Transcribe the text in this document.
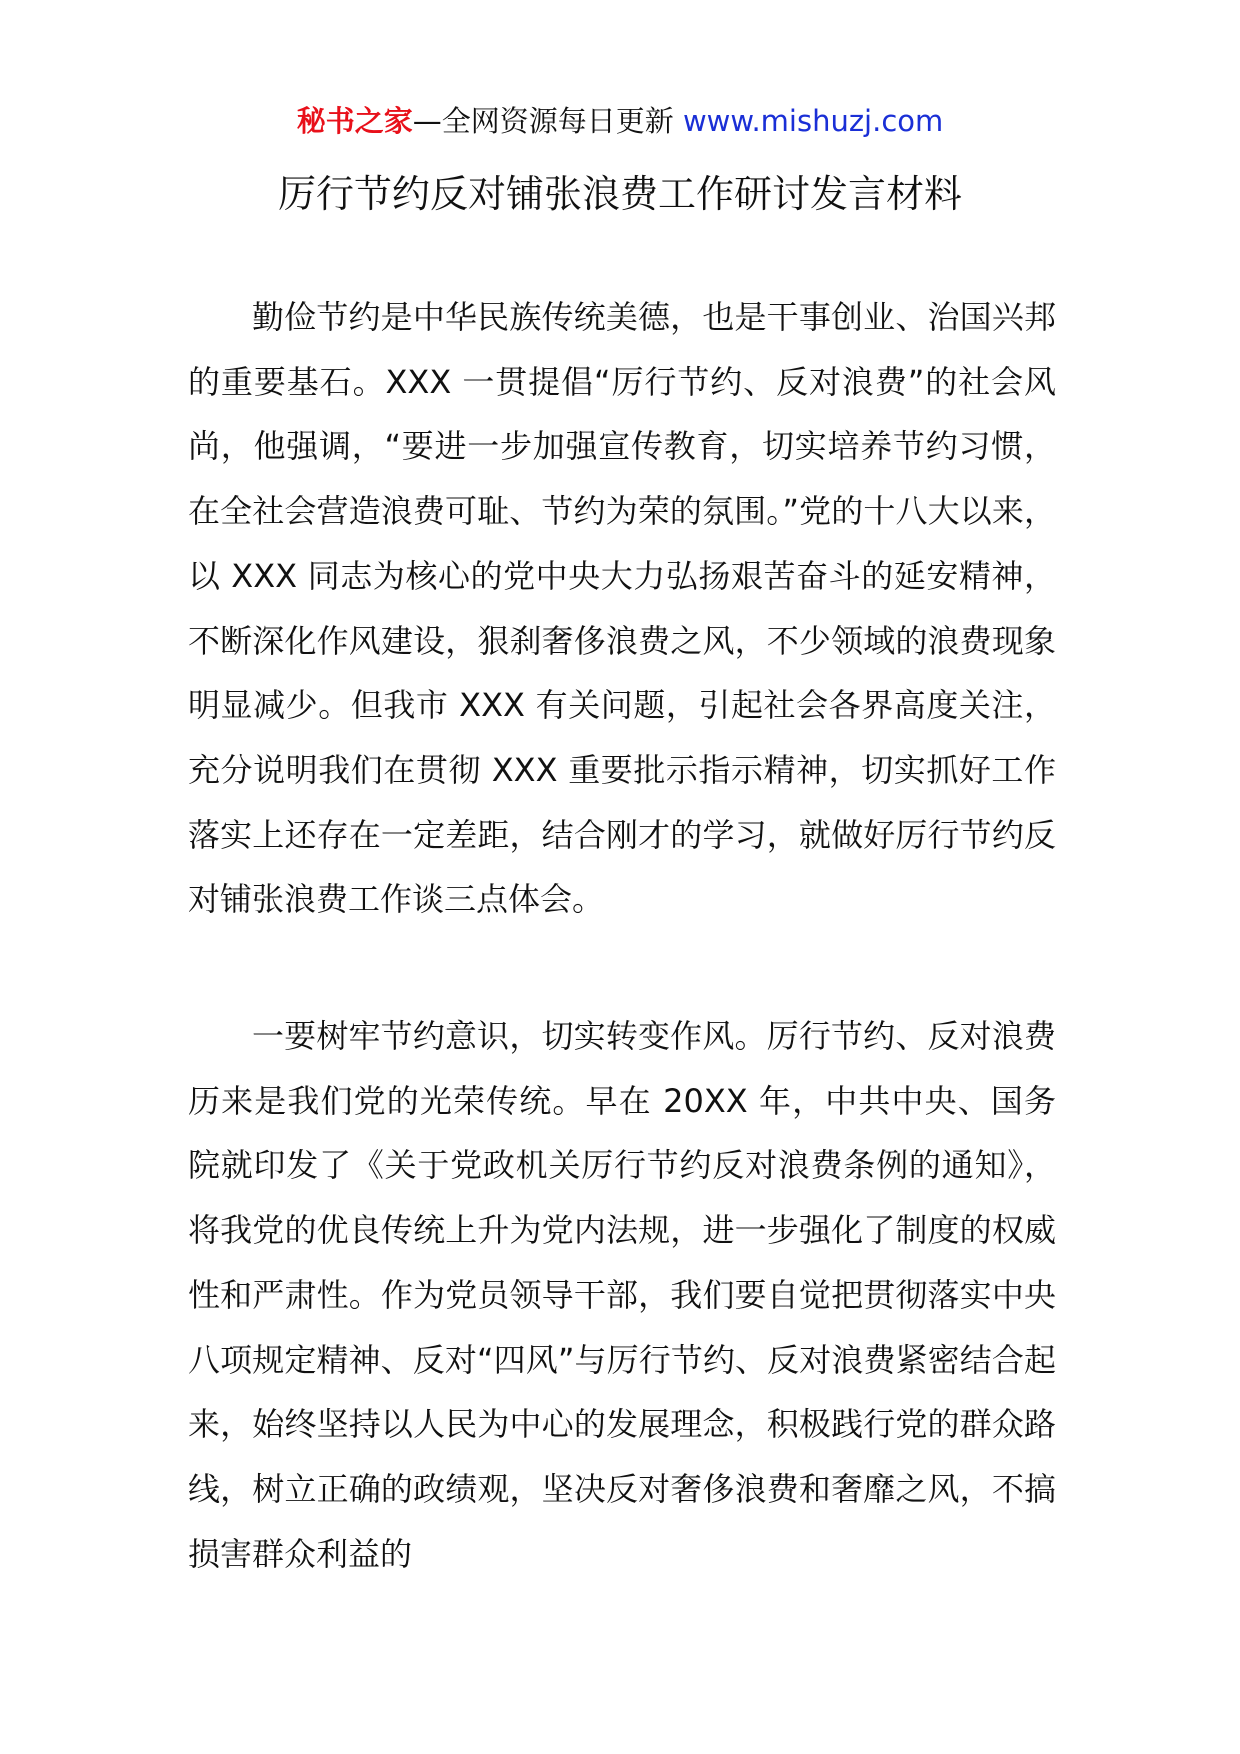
秘书之家—全网资源每日更新 www.mishuzj.com
厉行节约反对铺张浪费工作研讨发言材料

勤俭节约是中华民族传统美德，也是干事创业、治国兴邦的重要基石。XXX 一贯提倡“厉行节约、反对浪费”的社会风尚，他强调，“要进一步加强宣传教育，切实培养节约习惯，在全社会营造浪费可耻、节约为荣的氛围。”党的十八大以来，以 XXX 同志为核心的党中央大力弘扬艰苦奋斗的延安精神，不断深化作风建设，狠刹奢侈浪费之风，不少领域的浪费现象明显减少。但我市 XXX 有关问题，引起社会各界高度关注，充分说明我们在贯彻 XXX 重要批示指示精神，切实抓好工作落实上还存在一定差距，结合刚才的学习，就做好厉行节约反对铺张浪费工作谈三点体会。

一要树牢节约意识，切实转变作风。厉行节约、反对浪费历来是我们党的光荣传统。早在 20XX 年，中共中央、国务院就印发了《关于党政机关厉行节约反对浪费条例的通知》，将我党的优良传统上升为党内法规，进一步强化了制度的权威性和严肃性。作为党员领导干部，我们要自觉把贯彻落实中央八项规定精神、反对“四风”与厉行节约、反对浪费紧密结合起来，始终坚持以人民为中心的发展理念，积极践行党的群众路线，树立正确的政绩观，坚决反对奢侈浪费和奢靡之风，不搞损害群众利益的
